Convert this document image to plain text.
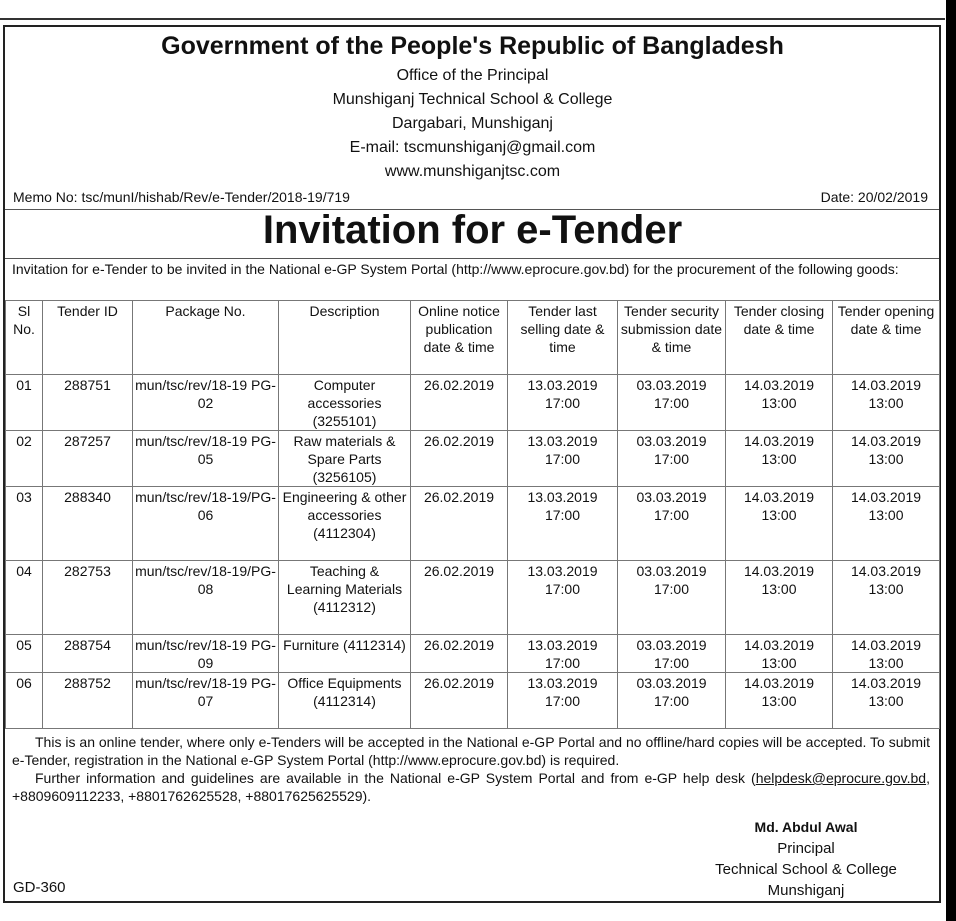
Government of the People's Republic of Bangladesh
Office of the Principal
Munshiganj Technical School & College
Dargabari, Munshiganj
E-mail: tscmunshiganj@gmail.com
www.munshiganjtsc.com
Memo No: tsc/munI/hishab/Rev/e-Tender/2018-19/719	Date: 20/02/2019
Invitation for e-Tender
Invitation for e-Tender to be invited in the National e-GP System Portal (http://www.eprocure.gov.bd) for the procurement of the following goods:
Sl No.	Tender ID	Package No.	Description	Online notice publication date & time	Tender last selling date & time	Tender security submission date & time	Tender closing date & time	Tender opening date & time
01	288751	mun/tsc/rev/18-19 PG-02	Computer accessories (3255101)	26.02.2019	13.03.2019 17:00	03.03.2019 17:00	14.03.2019 13:00	14.03.2019 13:00
02	287257	mun/tsc/rev/18-19 PG-05	Raw materials & Spare Parts (3256105)	26.02.2019	13.03.2019 17:00	03.03.2019 17:00	14.03.2019 13:00	14.03.2019 13:00
03	288340	mun/tsc/rev/18-19/PG-06	Engineering & other accessories (4112304)	26.02.2019	13.03.2019 17:00	03.03.2019 17:00	14.03.2019 13:00	14.03.2019 13:00
04	282753	mun/tsc/rev/18-19/PG-08	Teaching & Learning Materials (4112312)	26.02.2019	13.03.2019 17:00	03.03.2019 17:00	14.03.2019 13:00	14.03.2019 13:00
05	288754	mun/tsc/rev/18-19 PG-09	Furniture (4112314)	26.02.2019	13.03.2019 17:00	03.03.2019 17:00	14.03.2019 13:00	14.03.2019 13:00
06	288752	mun/tsc/rev/18-19 PG-07	Office Equipments (4112314)	26.02.2019	13.03.2019 17:00	03.03.2019 17:00	14.03.2019 13:00	14.03.2019 13:00

This is an online tender, where only e-Tenders will be accepted in the National e-GP Portal and no offline/hard copies will be accepted. To submit e-Tender, registration in the National e-GP System Portal (http://www.eprocure.gov.bd) is required.

Further information and guidelines are available in the National e-GP System Portal and from e-GP help desk (helpdesk@eprocure.gov.bd, +8809609112233, +8801762625528, +88017625625529).

Md. Abdul Awal
Principal
Technical School & College
Munshiganj
GD-360
